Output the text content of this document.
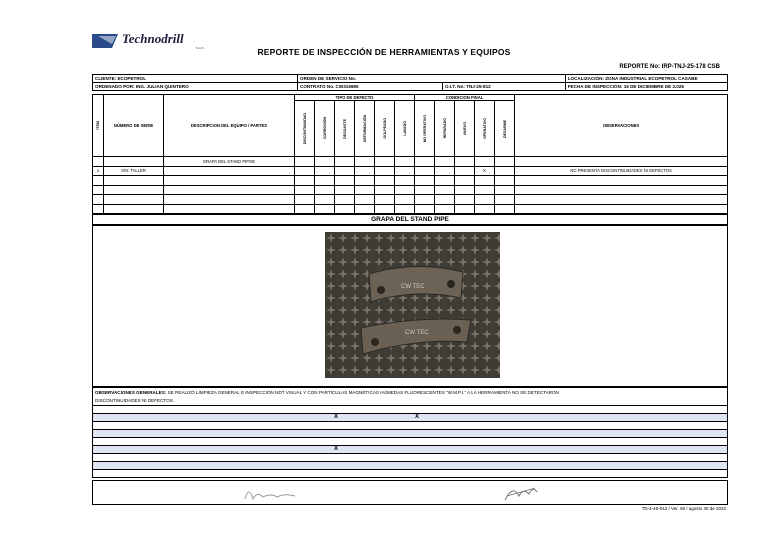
Technodrill
S.A.S	REPORTE DE INSPECCIÓN DE HERRAMIENTAS Y EQUIPOS
REPORTE No: IRP-TNJ-25-178 CSB
CLIENTE: ECOPETROL	ORDEN DE SERVICIO No.		LOCALIZACIÓN: ZONA INDUSTRIAL ECOPETROL CASABE
ORDENADO POR: ING. JULIAN QUINTERO	CONTRATO No. CW316985	O.I.T. No: TNJ-25-812	FECHA DE INSPECCIÓN: 15 DE DICIEMBRE DE 2.025
ITEM	NÚMERO DE SERIE	DESCRIPCION DEL EQUIPO / PARTES	TIPO DE DEFECTO						CONDICION FINAL					OBSERVACIONES

			DISCONTINUIDAD	CORROSIÓN	DESGASTE	DEFORMACIÓN	GOLPEADO	LAVADO	NO OPERATIVO	REPARADO	NUEVO	OPERATIVO	DESARME	

		GRAPA DEL STAND PIPOE												
1	S/N: TALLER											X		NO PRESENTA DISCONTINUIDADES NI DEFECTOS

GRAPA DEL STAND PIPE
CW TEC
CW TEC
OBSERVACIONES GENERALES: SE REALIZÓ LIMPIEZA GENERAL E INSPECCIÓN NDT VISUAL Y CON PARTÍCULAS MAGNÉTICAS HÚMEDAS FLUORESCENTES "W.M.P.I." A LA HERRAMIENTA NO SE DETECTARON
DISCONTINUIDADES NI DEFECTOS.
X	X
X
TD-4-40-012 / Ver. 08 / agosto 30 de 2022
